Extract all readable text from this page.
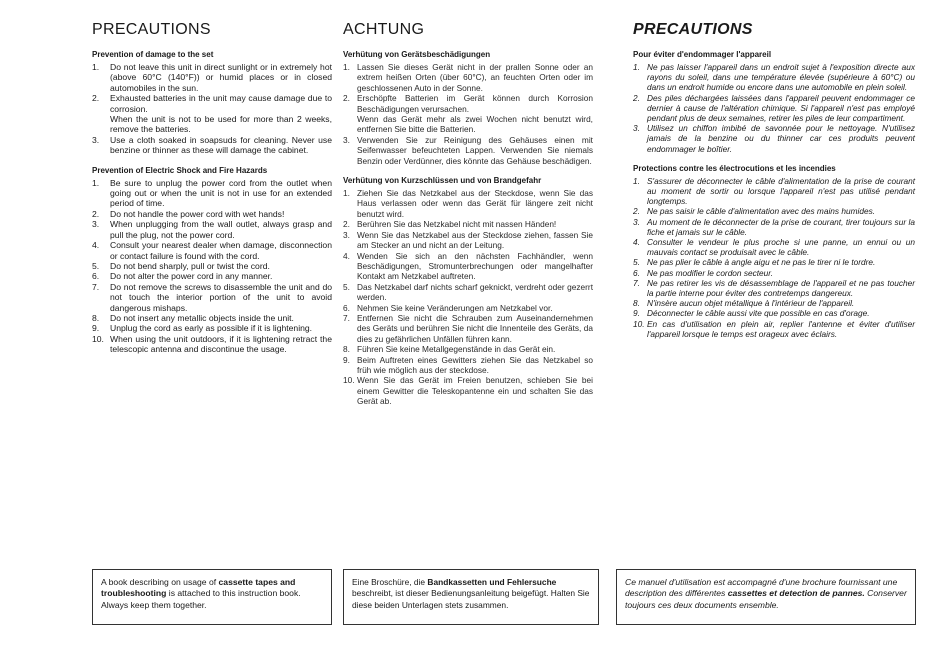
PRECAUTIONS
Prevention of damage to the set
1.	Do not leave this unit in direct sunlight or in extremely hot (above 60°C (140°F)) or humid places or in closed automobiles in the sun.
2.	Exhausted batteries in the unit may cause damage due to corrosion.
When the unit is not to be used for more than 2 weeks, remove the batteries.
3.	Use a cloth soaked in soapsuds for cleaning. Never use benzine or thinner as these will damage the cabinet.
Prevention of Electric Shock and Fire Hazards
1.	Be sure to unplug the power cord from the outlet when going out or when the unit is not in use for an extended period of time.
2.	Do not handle the power cord with wet hands!
3.	When unplugging from the wall outlet, always grasp and pull the plug, not the power cord.
4.	Consult your nearest dealer when damage, disconnection or contact failure is found with the cord.
5.	Do not bend sharply, pull or twist the cord.
6.	Do not alter the power cord in any manner.
7.	Do not remove the screws to disassemble the unit and do not touch the interior portion of the unit to avoid dangerous mishaps.
8.	Do not insert any metallic objects inside the unit.
9.	Unplug the cord as early as possible if it is lightening.
10. When using the unit outdoors, if it is lightening retract the telescopic antenna and discontinue the usage.
ACHTUNG
Verhütung von Gerätsbeschädigungen
1. Lassen Sie dieses Gerät nicht in der prallen Sonne oder an extrem heißen Orten (über 60°C), an feuchten Orten oder im geschlossenen Auto in der Sonne.
2. Erschöpfte Batterien im Gerät können durch Korrosion Beschädigungen verursachen.
Wenn das Gerät mehr als zwei Wochen nicht benutzt wird, entfernen Sie bitte die Batterien.
3. Verwenden Sie zur Reinigung des Gehäuses einen mit Seifenwasser befeuchteten Lappen. Verwenden Sie niemals Benzin oder Verdünner, dies könnte das Gehäuse beschädigen.
Verhütung von Kurzschlüssen und von Brandgefahr
1. Ziehen Sie das Netzkabel aus der Steckdose, wenn Sie das Haus verlassen oder wenn das Gerät für längere zeit nicht benutzt wird.
2. Berühren Sie das Netzkabel nicht mit nassen Händen!
3. Wenn Sie das Netzkabel aus der Steckdose ziehen, fassen Sie am Stecker an und nicht an der Leitung.
4. Wenden Sie sich an den nächsten Fachhändler, wenn Beschädigungen, Stromunterbrechungen oder mangelhafter Kontakt am Netzkabel auftreten.
5. Das Netzkabel darf nichts scharf geknickt, verdreht oder gezerrt werden.
6. Nehmen Sie keine Veränderungen am Netzkabel vor.
7. Entfernen Sie nicht die Schrauben zum Auseinandernehmen des Geräts und berühren Sie nicht die Innenteile des Geräts, da dies zu gefährlichen Unfällen führen kann.
8. Führen Sie keine Metallgegenstände in das Gerät ein.
9. Beim Auftreten eines Gewitters ziehen Sie das Netzkabel so früh wie möglich aus der steckdose.
10. Wenn Sie das Gerät im Freien benutzen, schieben Sie bei einem Gewitter die Teleskopantenne ein und schalten Sie das Gerät ab.
PRECAUTIONS
Pour éviter d'endommager l'appareil
1. Ne pas laisser l'appareil dans un endroit sujet à l'exposition directe aux rayons du soleil, dans une température élevée (supérieure à 60°C) ou dans un endroit humide ou encore dans une automobile en plein soleil.
2. Des piles déchargées laissées dans l'appareil peuvent endommager ce dernier à cause de l'altération chimique. Si l'appareil n'est pas employé pendant plus de deux semaines, retirer les piles de leur compartiment.
3. Utilisez un chiffon imbibé de savonnée pour le nettoyage. N'utilisez jamais de la benzine ou du thinner car ces produits peuvent endommager le boîtier.
Protections contre les électrocutions et les incendies
1. S'assurer de déconnecter le câble d'alimentation de la prise de courant au moment de sortir ou lorsque l'appareil n'est pas utilisé pendant longtemps.
2. Ne pas saisir le câble d'alimentation avec des mains humides.
3. Au moment de le déconnecter de la prise de courant, tirer toujours sur la fiche et jamais sur le câble.
4. Consulter le vendeur le plus proche si une panne, un ennui ou un mauvais contact se produisait avec le câble.
5. Ne pas plier le câble à angle aigu et ne pas le tirer ni le tordre.
6. Ne pas modifier le cordon secteur.
7. Ne pas retirer les vis de désassemblage de l'appareil et ne pas toucher la partie interne pour éviter des contretemps dangereux.
8. N'insère aucun objet métallique à l'intérieur de l'appareil.
9. Déconnecter le câble aussi vite que possible en cas d'orage.
10. En cas d'utilisation en plein air, replier l'antenne et éviter d'utiliser l'appareil lorsque le temps est orageux avec éclairs.
A book describing on usage of cassette tapes and troubleshooting is attached to this instruction book. Always keep them together.
Eine Broschüre, die Bandkassetten und Fehlersuche beschreibt, ist dieser Bedienungsanleitung beigefügt. Halten Sie diese beiden Unterlagen stets zusammen.
Ce manuel d'utilisation est accompagné d'une brochure fournissant une description des différentes cassettes et detection de pannes. Conserver toujours ces deux documents ensemble.
